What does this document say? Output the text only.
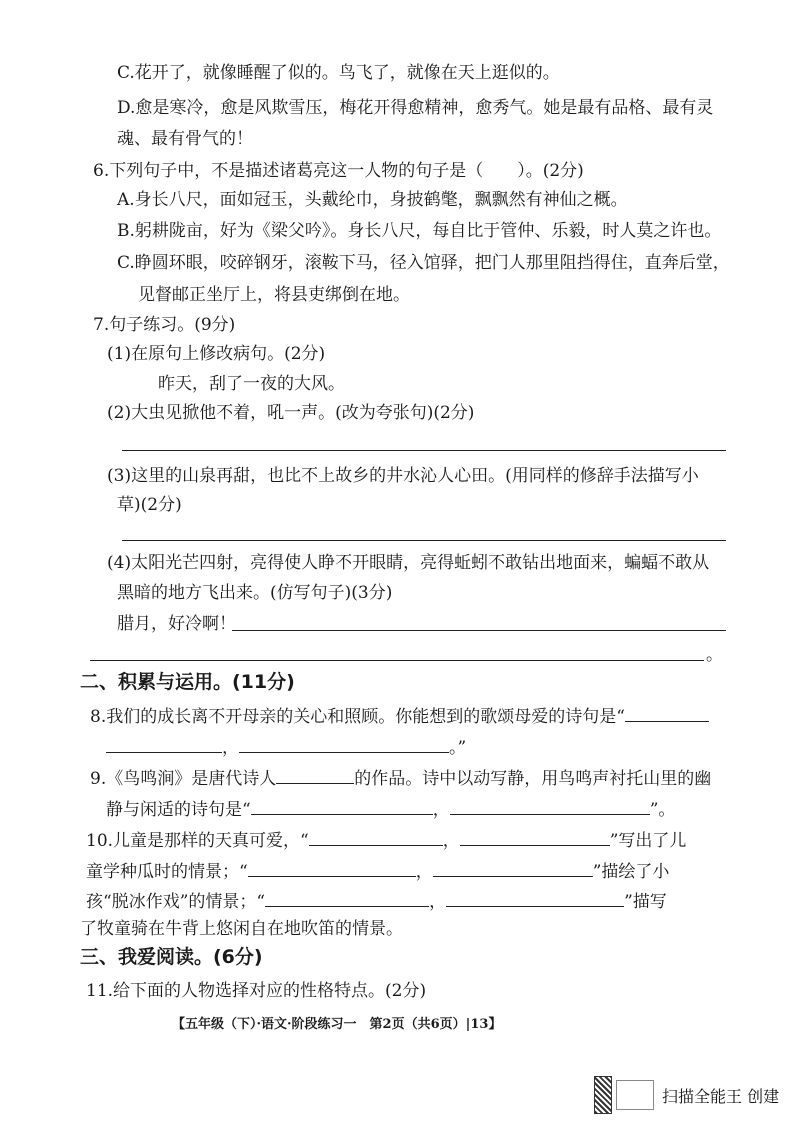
C.花开了，就像睡醒了似的。鸟飞了，就像在天上逛似的。
D.愈是寒冷，愈是风欺雪压，梅花开得愈精神，愈秀气。她是最有品格、最有灵
魂、最有骨气的！
6.下列句子中，不是描述诸葛亮这一人物的句子是（　　）。(2分)
A.身长八尺，面如冠玉，头戴纶巾，身披鹤氅，飘飘然有神仙之概。
B.躬耕陇亩，好为《梁父吟》。身长八尺，每自比于管仲、乐毅，时人莫之许也。
C.睁圆环眼，咬碎钢牙，滚鞍下马，径入馆驿，把门人那里阻挡得住，直奔后堂，
见督邮正坐厅上，将县吏绑倒在地。
7.句子练习。(9分)
(1)在原句上修改病句。(2分)
昨天，刮了一夜的大风。
(2)大虫见掀他不着，吼一声。(改为夸张句)(2分)
(3)这里的山泉再甜，也比不上故乡的井水沁人心田。(用同样的修辞手法描写小
草)(2分)
(4)太阳光芒四射，亮得使人睁不开眼睛，亮得蚯蚓不敢钻出地面来，蝙蝠不敢从
黑暗的地方飞出来。(仿写句子)(3分)
腊月，好冷啊！
。
二、积累与运用。(11分)
8.我们的成长离不开母亲的关心和照顾。你能想到的歌颂母爱的诗句是“
，	。”
9.《鸟鸣涧》是唐代诗人	的作品。诗中以动写静，用鸟鸣声衬托山里的幽
静与闲适的诗句是“	，	”。
10.儿童是那样的天真可爱，“	，	”写出了儿
童学种瓜时的情景；“	，	”描绘了小
孩“脱冰作戏”的情景；“	，	”描写
了牧童骑在牛背上悠闲自在地吹笛的情景。
三、我爱阅读。(6分)
11.给下面的人物选择对应的性格特点。(2分)
【五年级（下）·语文·阶段练习一　第2页（共6页）|13】
扫描全能王 创建
